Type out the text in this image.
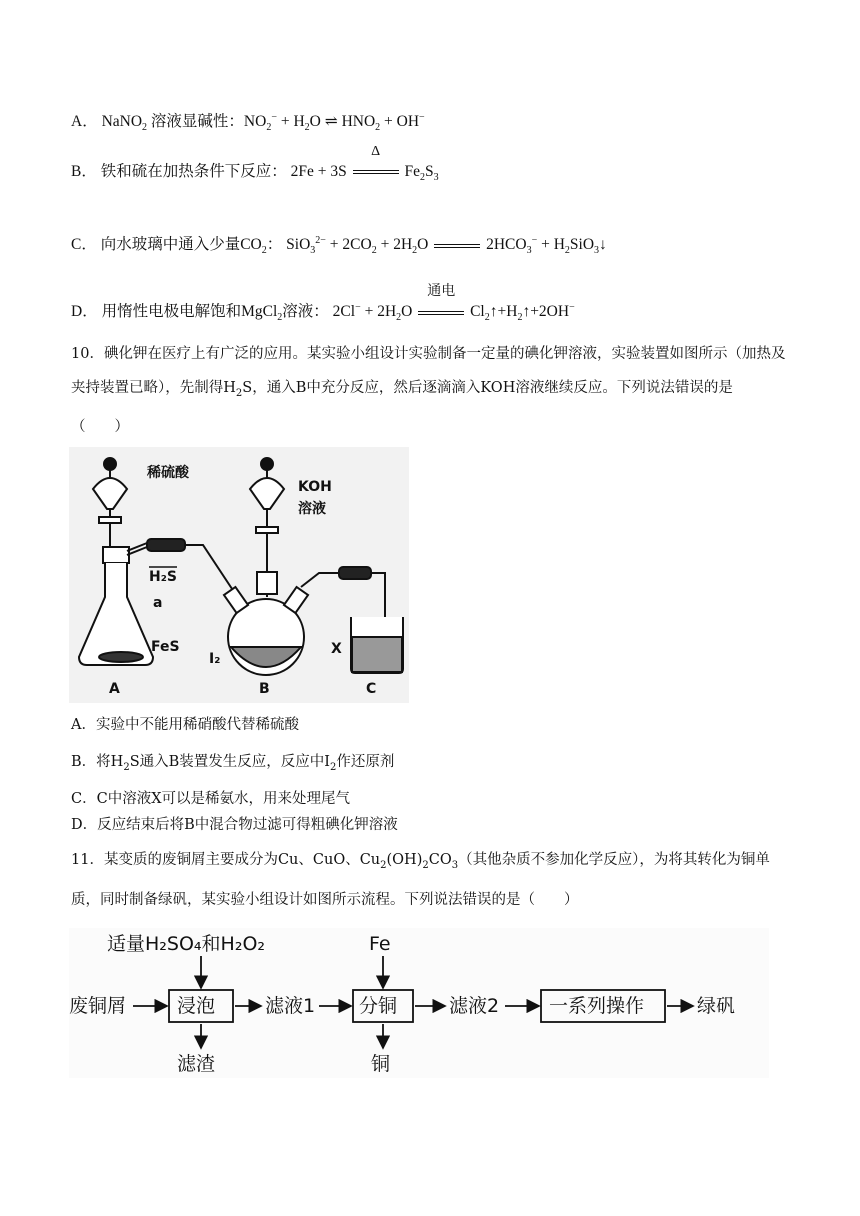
A． NaNO$_2$ 溶液显碱性：$NO_2^- + H_2O$ ⇌ $HNO_2 + OH^-$
B． 铁和硫在加热条件下反应： 2Fe + 3S
Δ
$Fe_2S_3$
C． 向水玻璃中通入少量$CO_2$： $SiO_3^{2-} + 2CO_2 + 2H_2O$	$2HCO_3^-$ + $H_2SiO_3↓$
D． 用惰性电极电解饱和MgCl$_2$溶液： $2Cl^- + 2H_2O$
通电
$Cl_2↑+H_2↑+2OH^-$
10．碘化钾在医疗上有广泛的应用。某实验小组设计实验制备一定量的碘化钾溶液，实验装置如图所示（加热及夹持装置已略），先制得$H_2S$，通入B中充分反应，然后逐滴滴入KOH溶液继续反应。下列说法错误的是
（　　）
稀硫酸
KOH
溶液
H₂S
a
FeS
I₂
X
A	B	C
A．实验中不能用稀硝酸代替稀硫酸
B．将$H_2S$通入B装置发生反应，反应中$I_2$作还原剂
C．C中溶液X可以是稀氨水，用来处理尾气
D．反应结束后将B中混合物过滤可得粗碘化钾溶液
11．某变质的废铜屑主要成分为Cu、CuO、$Cu_2(OH)_2CO_3$（其他杂质不参加化学反应），为将其转化为铜单质，同时制备绿矾，某实验小组设计如图所示流程。下列说法错误的是（　　）
适量H₂SO₄和H₂O₂	Fe
废铜屑	浸泡	滤液1 分铜	滤液2	一系列操作	绿矾
滤渣	铜
